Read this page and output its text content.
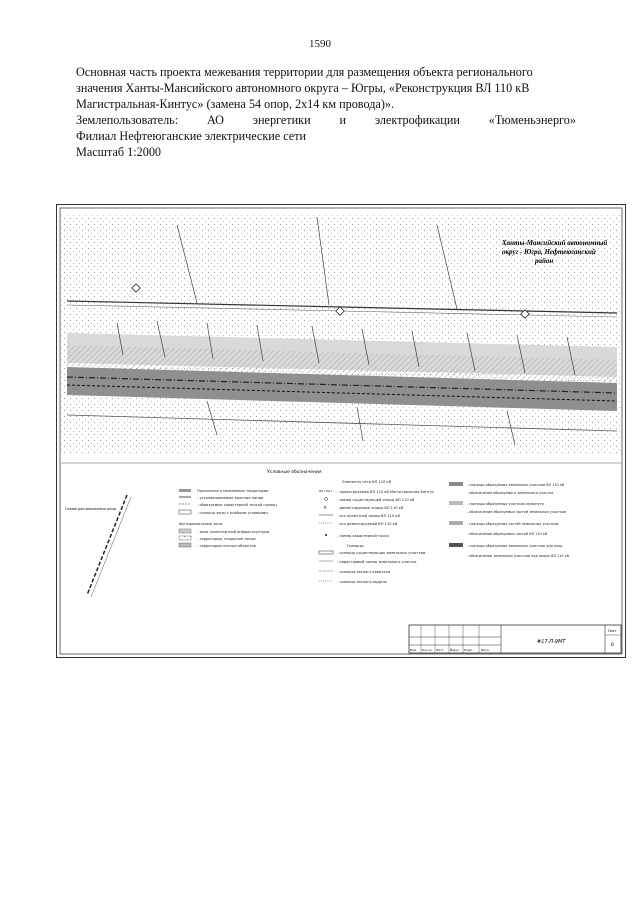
1590
Основная часть проекта межевания территории для размещения объекта регионального
значения Ханты-Мансийского автономного округа – Югры, «Реконструкция ВЛ 110 кВ
Магистральная-Кинтус» (замена 54 опор, 2х14 км провода)».
Землепользователь: АО энергетики и электрофикации «Тюменьэнерго»
Филиал Нефтеюганские электрические сети
Масштаб 1:2000
Ханты-Мансийский автономный
округ - Югра, Нефтеюганский
район
Условные обозначения
Схема расположения опор
Положения о межевании территории
- устанавливаемые красные линии
- образуемые характерной точкой границ
- граница зоны с особыми условиями
Функциональные зоны
- зона транспортной инфраструктуры
- территории, покрытые лесом
- территории лесных объектов
Элементы сети ВЛ 110 кВ
- проектируемая ВЛ 110 кВ Магистральная-Кинтус
- номер существующей опоры ВЛ 110 кВ
×	- демонтируемые опоры ВЛ 110 кВ
- ось проектной линии ВЛ 110 кВ
- ось демонтируемой ВЛ 110 кВ
- номер характерной точки
Границы
- граница существующих земельных участков
- кадастровый номер земельного участка
- граница лесного квартала
- граница лесного выдела
- границы образуемых земельных участков ВЛ 110 кВ
- обозначение образуемого земельного участка
- границы образуемых участков сервитута
- обозначение образуемых частей земельных участков
- границы образуемых частей земельных участков
- обозначение образуемых частей ВЛ 110 кВ
- границы образуемых земельных участков для опор
- обозначение земельных участков под опоры ВЛ 110 кВ
Изм. Кол.уч Лист №док Подп.	Дата
#17-П-9МТ
Лист
6
